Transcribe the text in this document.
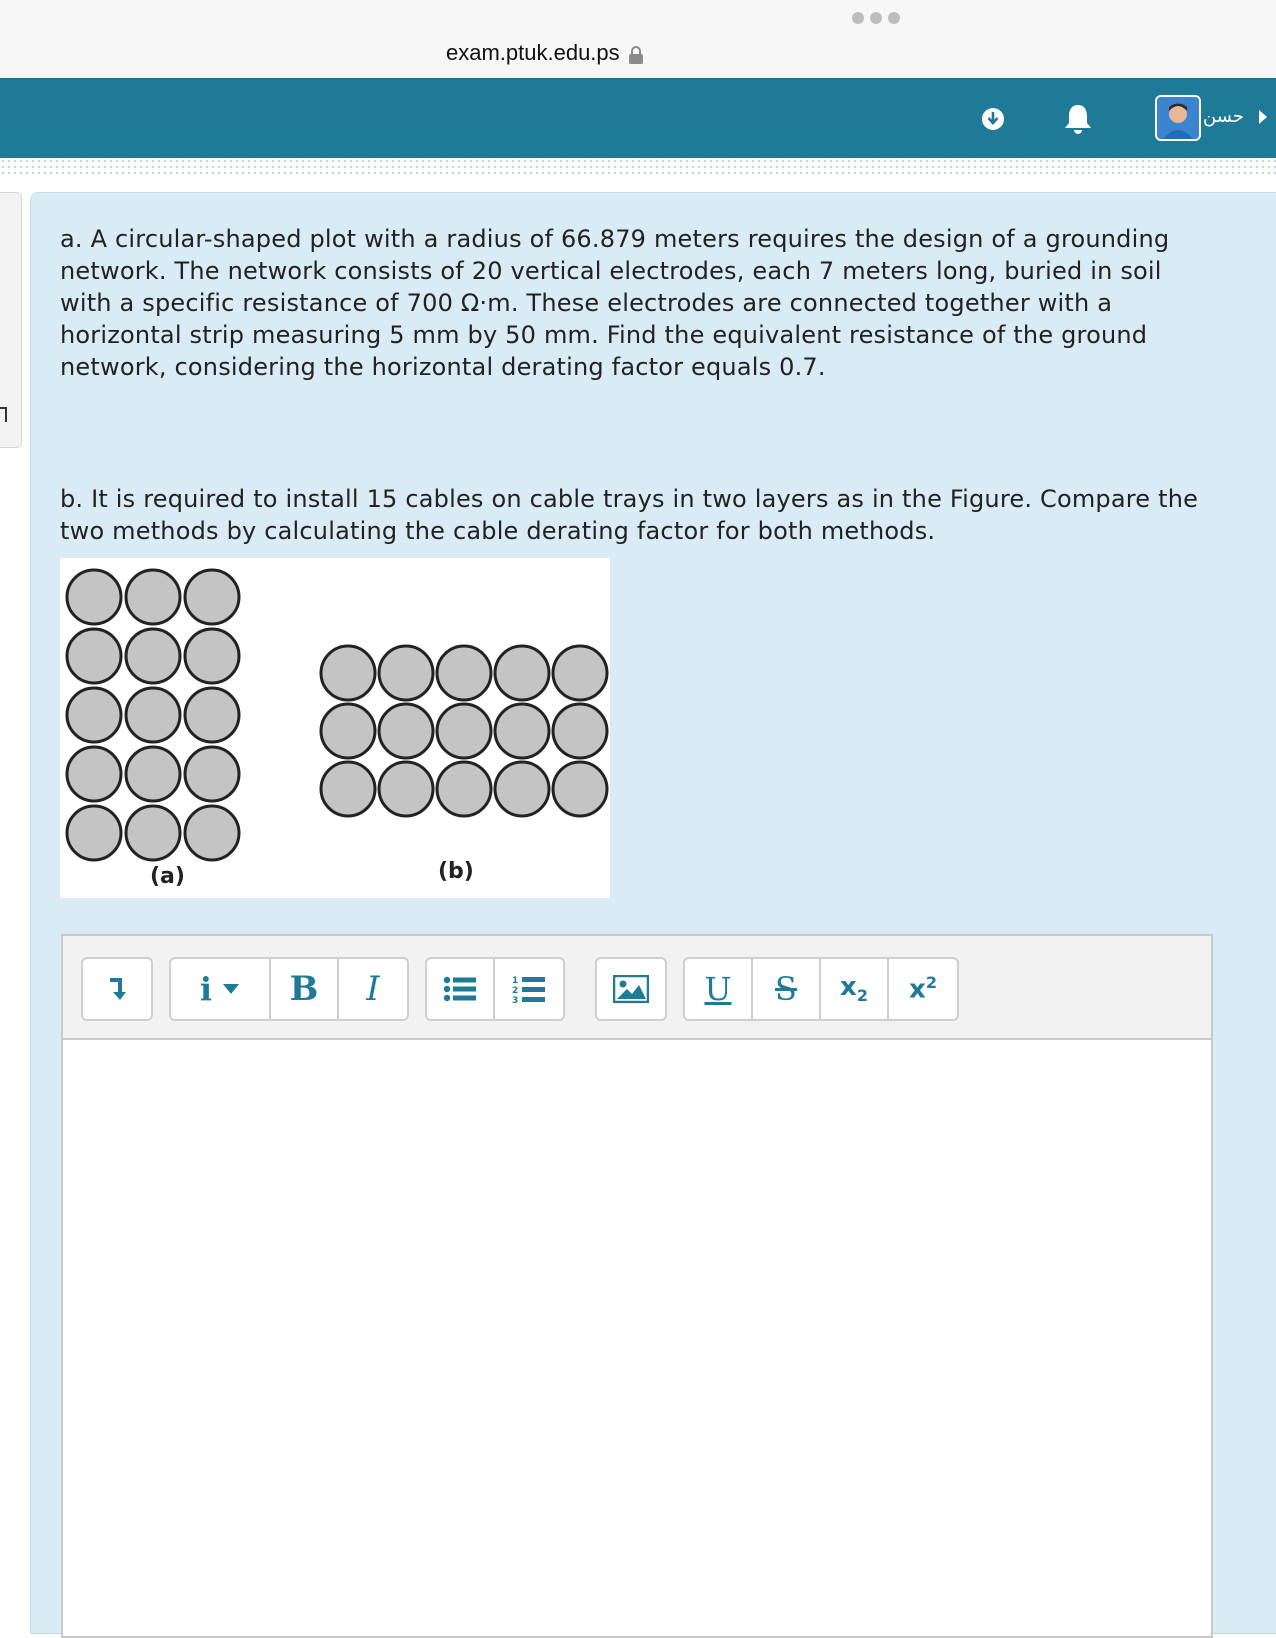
exam.ptuk.edu.ps
حسن
a. A circular-shaped plot with a radius of 66.879 meters requires the design of a grounding network. The network consists of 20 vertical electrodes, each 7 meters long, buried in soil with a specific resistance of 700 Ω·m. These electrodes are connected together with a horizontal strip measuring 5 mm by 50 mm. Find the equivalent resistance of the ground network, considering the horizontal derating factor equals 0.7.
b. It is required to install 15 cables on cable trays in two layers as in the Figure. Compare the two methods by calculating the cable derating factor for both methods.
(a)	(b)
i B I	1
2
3	U S $x_2$ $x^2$
